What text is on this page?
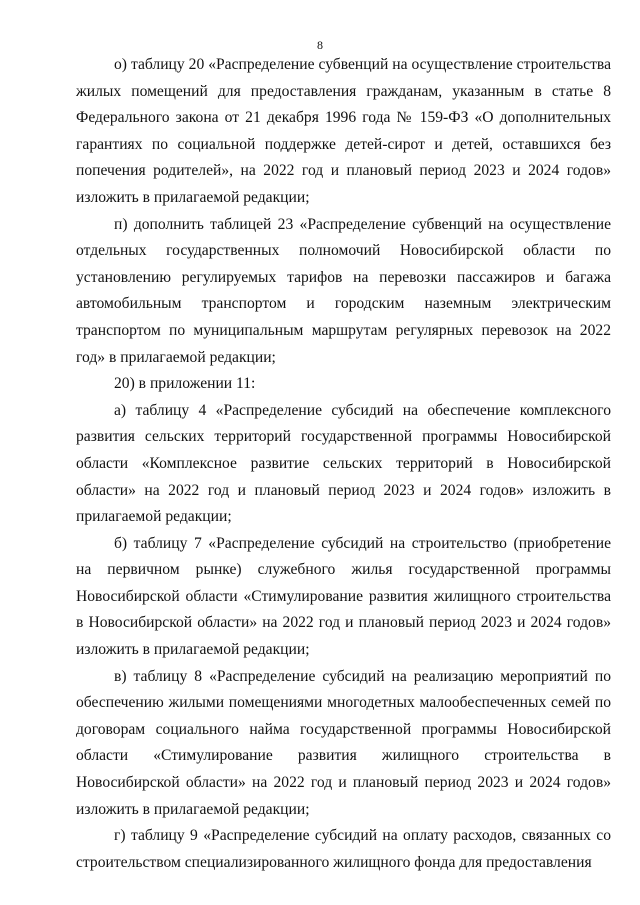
8

о) таблицу 20 «Распределение субвенций на осуществление строительства жилых помещений для предоставления гражданам, указанным в статье 8 Федерального закона от 21 декабря 1996 года № 159-ФЗ «О дополнительных гарантиях по социальной поддержке детей-сирот и детей, оставшихся без попечения родителей», на 2022 год и плановый период 2023 и 2024 годов» изложить в прилагаемой редакции;

п) дополнить таблицей 23 «Распределение субвенций на осуществление отдельных государственных полномочий Новосибирской области по установлению регулируемых тарифов на перевозки пассажиров и багажа автомобильным транспортом и городским наземным электрическим транспортом по муниципальным маршрутам регулярных перевозок на 2022 год» в прилагаемой редакции;

20) в приложении 11:

а) таблицу 4 «Распределение субсидий на обеспечение комплексного развития сельских территорий государственной программы Новосибирской области «Комплексное развитие сельских территорий в Новосибирской области» на 2022 год и плановый период 2023 и 2024 годов» изложить в прилагаемой редакции;

б) таблицу 7 «Распределение субсидий на строительство (приобретение на первичном рынке) служебного жилья государственной программы Новосибирской области «Стимулирование развития жилищного строительства в Новосибирской области» на 2022 год и плановый период 2023 и 2024 годов» изложить в прилагаемой редакции;

в) таблицу 8 «Распределение субсидий на реализацию мероприятий по обеспечению жилыми помещениями многодетных малообеспеченных семей по договорам социального найма государственной программы Новосибирской области «Стимулирование развития жилищного строительства в Новосибирской области» на 2022 год и плановый период 2023 и 2024 годов» изложить в прилагаемой редакции;

г) таблицу 9 «Распределение субсидий на оплату расходов, связанных со строительством специализированного жилищного фонда для предоставления
